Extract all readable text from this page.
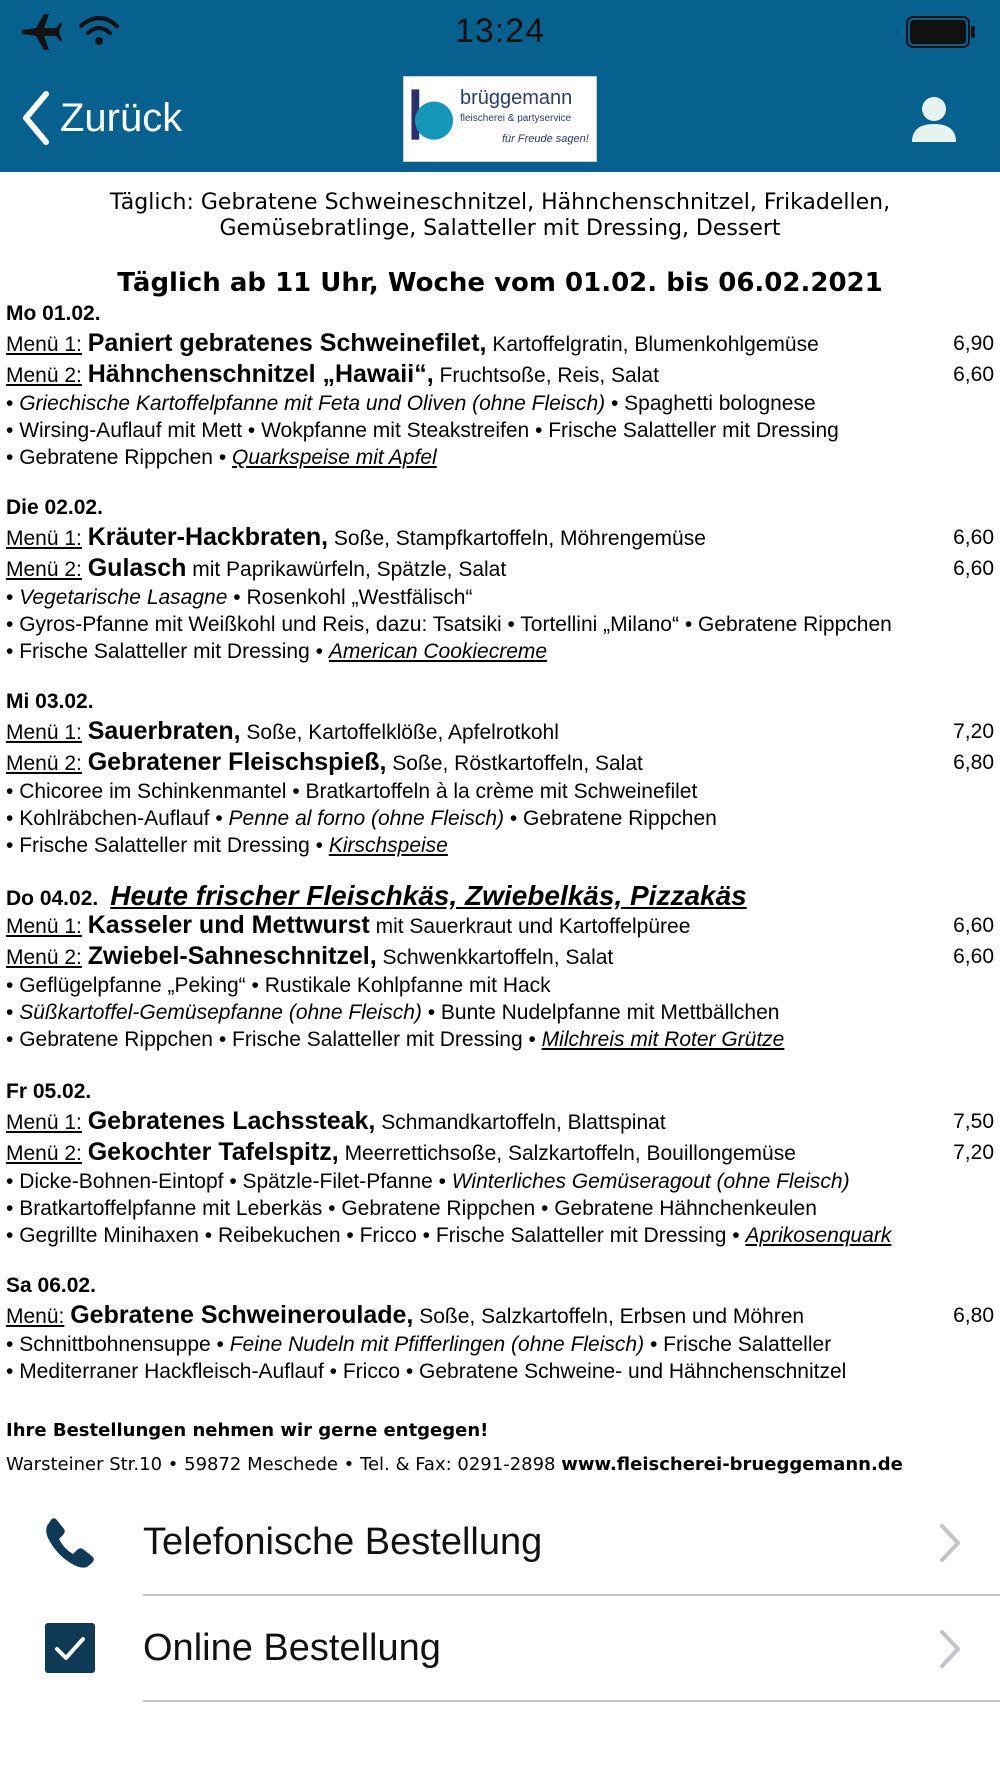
13:24
Zurück	brüggemann
fleischerei & partyservice
für Freude sagen!
Täglich: Gebratene Schweineschnitzel, Hähnchenschnitzel, Frikadellen,
Gemüsebratlinge, Salatteller mit Dressing, Dessert
Täglich ab 11 Uhr, Woche vom 01.02. bis 06.02.2021
Mo 01.02.
Menü 1: Paniert gebratenes Schweinefilet, Kartoffelgratin, Blumenkohlgemüse	6,90
Menü 2: Hähnchenschnitzel „Hawaii“, Fruchtsoße, Reis, Salat	6,60
• Griechische Kartoffelpfanne mit Feta und Oliven (ohne Fleisch) • Spaghetti bolognese
• Wirsing-Auflauf mit Mett • Wokpfanne mit Steakstreifen • Frische Salatteller mit Dressing
• Gebratene Rippchen • Quarkspeise mit Apfel
Die 02.02.
Menü 1: Kräuter-Hackbraten, Soße, Stampfkartoffeln, Möhrengemüse	6,60
Menü 2: Gulasch mit Paprikawürfeln, Spätzle, Salat	6,60
• Vegetarische Lasagne • Rosenkohl „Westfälisch“
• Gyros-Pfanne mit Weißkohl und Reis, dazu: Tsatsiki • Tortellini „Milano“ • Gebratene Rippchen
• Frische Salatteller mit Dressing • American Cookiecreme
Mi 03.02.
Menü 1: Sauerbraten, Soße, Kartoffelklöße, Apfelrotkohl	7,20
Menü 2: Gebratener Fleischspieß, Soße, Röstkartoffeln, Salat	6,80
• Chicoree im Schinkenmantel • Bratkartoffeln à la crème mit Schweinefilet
• Kohlräbchen-Auflauf • Penne al forno (ohne Fleisch) • Gebratene Rippchen
• Frische Salatteller mit Dressing • Kirschspeise
Do 04.02. Heute frischer Fleischkäs, Zwiebelkäs, Pizzakäs
Menü 1: Kasseler und Mettwurst mit Sauerkraut und Kartoffelpüree	6,60
Menü 2: Zwiebel-Sahneschnitzel, Schwenkkartoffeln, Salat	6,60
• Geflügelpfanne „Peking“ • Rustikale Kohlpfanne mit Hack
• Süßkartoffel-Gemüsepfanne (ohne Fleisch) • Bunte Nudelpfanne mit Mettbällchen
• Gebratene Rippchen • Frische Salatteller mit Dressing • Milchreis mit Roter Grütze
Fr 05.02.
Menü 1: Gebratenes Lachssteak, Schmandkartoffeln, Blattspinat	7,50
Menü 2: Gekochter Tafelspitz, Meerrettichsoße, Salzkartoffeln, Bouillongemüse	7,20
• Dicke-Bohnen-Eintopf • Spätzle-Filet-Pfanne • Winterliches Gemüseragout (ohne Fleisch)
• Bratkartoffelpfanne mit Leberkäs • Gebratene Rippchen • Gebratene Hähnchenkeulen
• Gegrillte Minihaxen • Reibekuchen • Fricco • Frische Salatteller mit Dressing • Aprikosenquark
Sa 06.02.
Menü: Gebratene Schweineroulade, Soße, Salzkartoffeln, Erbsen und Möhren	6,80
• Schnittbohnensuppe • Feine Nudeln mit Pfifferlingen (ohne Fleisch) • Frische Salatteller
• Mediterraner Hackfleisch-Auflauf • Fricco • Gebratene Schweine- und Hähnchenschnitzel
Ihre Bestellungen nehmen wir gerne entgegen!
Warsteiner Str.10 • 59872 Meschede • Tel. & Fax: 0291-2898 www.fleischerei-brueggemann.de
Telefonische Bestellung
Online Bestellung
